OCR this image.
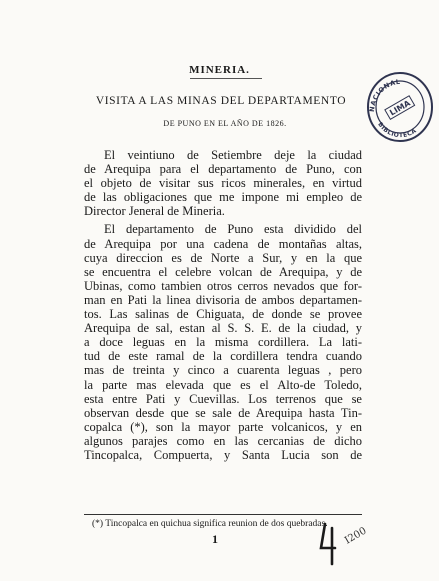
MINERIA.
VISITA A LAS MINAS DEL DEPARTAMENTO
DE PUNO EN EL AÑO DE 1826.
El veintiuno de Setiembre deje la ciudad
de Arequipa para el departamento de Puno, con
el objeto de visitar sus ricos minerales, en virtud
de las obligaciones que me impone mi empleo de
Director Jeneral de Mineria.
El departamento de Puno esta dividido del
de Arequipa por una cadena de montañas altas,
cuya direccion es de Norte a Sur, y en la que
se encuentra el celebre volcan de Arequipa, y de
Ubinas, como tambien otros cerros nevados que for-
man en Pati la linea divisoria de ambos departamen-
tos. Las salinas de Chiguata, de donde se provee
Arequipa de sal, estan al S. S. E. de la ciudad, y
a doce leguas en la misma cordillera. La lati-
tud de este ramal de la cordillera tendra cuando
mas de treinta y cinco a cuarenta leguas , pero
la parte mas elevada que es el Alto-de Toledo,
esta entre Pati y Cuevillas. Los terrenos que se
observan desde que se sale de Arequipa hasta Tin-
copalca (*), son la mayor parte volcanicos, y en
algunos parajes como en las cercanias de dicho
Tincopalca, Compuerta, y Santa Lucia son de
(*) Tincopalca en quichua significa reunion de dos quebradas.
1	I200
NACIONAL
BIBLIOTECA
LIMA
